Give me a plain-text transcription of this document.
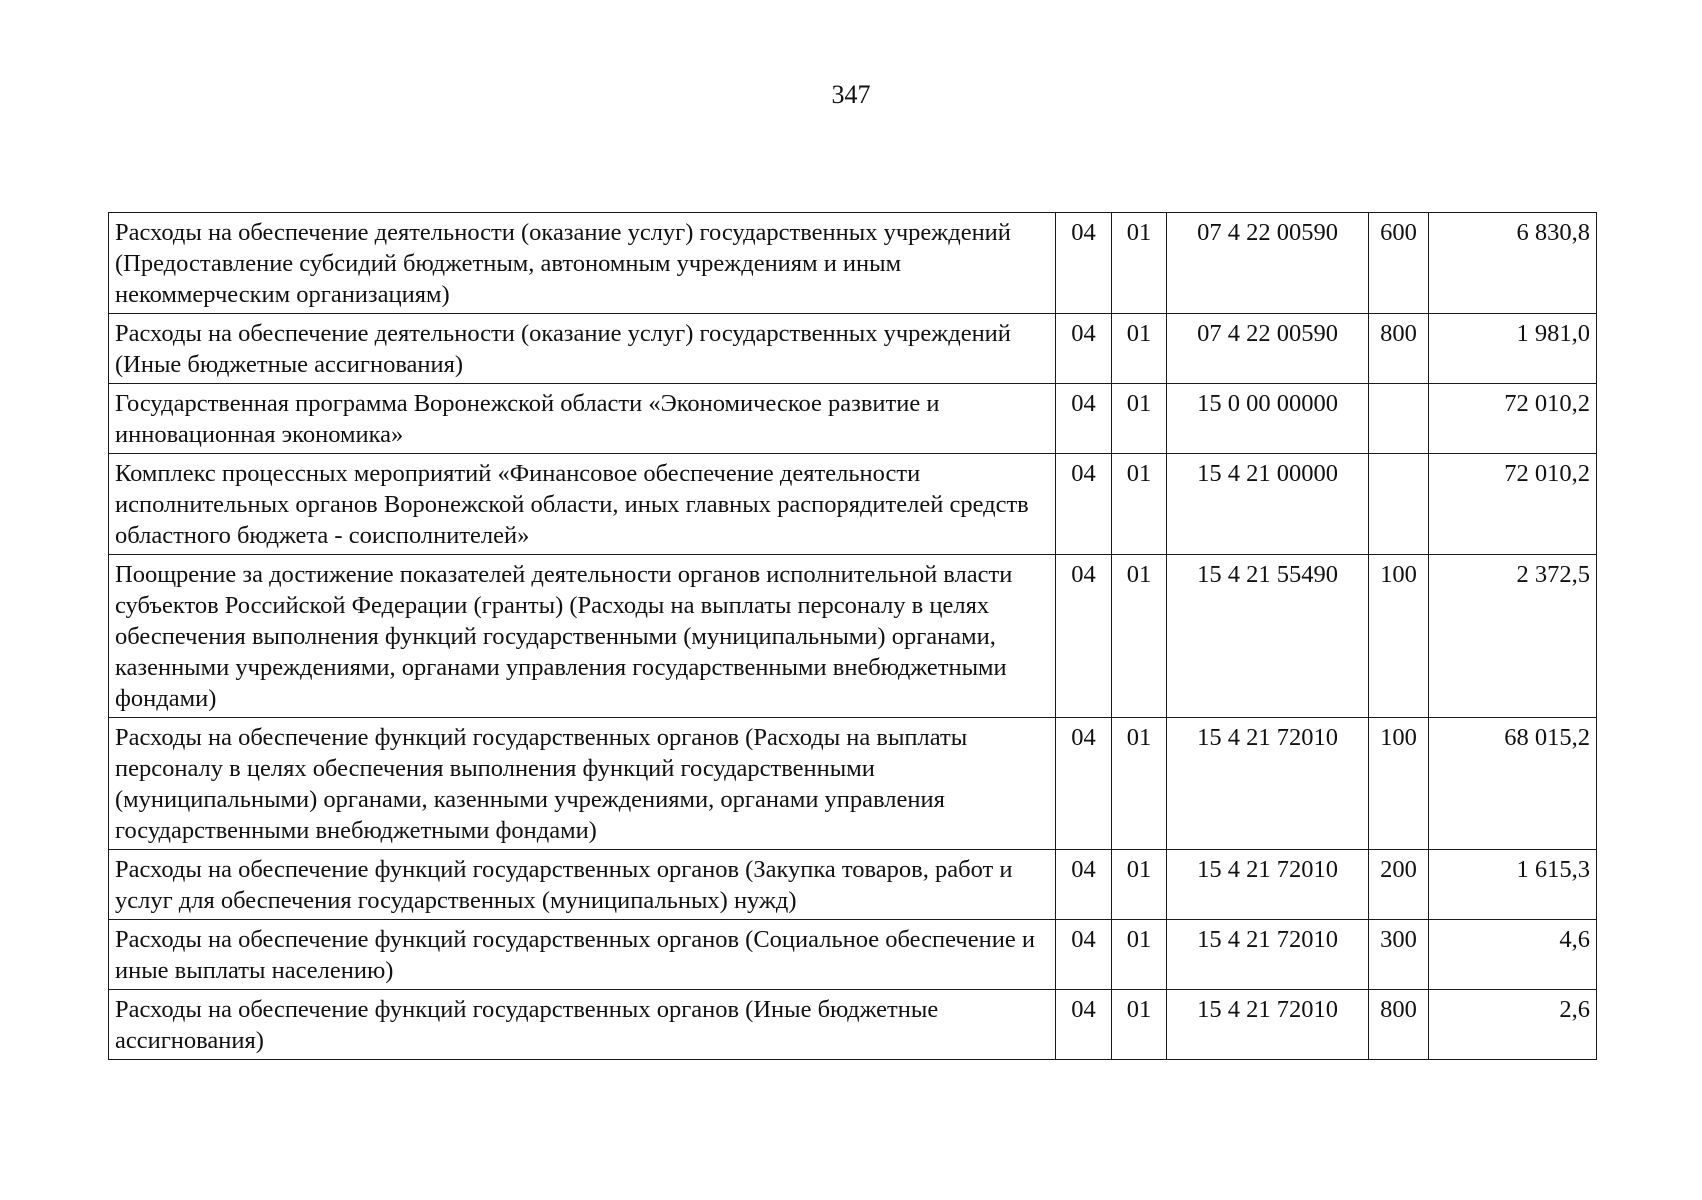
347
Расходы на обеспечение деятельности (оказание услуг) государственных учреждений (Предоставление субсидий бюджетным, автономным учреждениям и иным некоммерческим организациям)	04	01	07 4 22 00590	600	6 830,8
Расходы на обеспечение деятельности (оказание услуг) государственных учреждений (Иные бюджетные ассигнования)	04	01	07 4 22 00590	800	1 981,0
Государственная программа Воронежской области «Экономическое развитие и инновационная экономика»	04	01	15 0 00 00000		72 010,2
Комплекс процессных мероприятий «Финансовое обеспечение деятельности исполнительных органов Воронежской области, иных главных распорядителей средств областного бюджета - соисполнителей»	04	01	15 4 21 00000		72 010,2
Поощрение за достижение показателей деятельности органов исполнительной власти субъектов Российской Федерации (гранты) (Расходы на выплаты персоналу в целях обеспечения выполнения функций государственными (муниципальными) органами, казенными учреждениями, органами управления государственными внебюджетными фондами)	04	01	15 4 21 55490	100	2 372,5
Расходы на обеспечение функций государственных органов (Расходы на выплаты персоналу в целях обеспечения выполнения функций государственными (муниципальными) органами, казенными учреждениями, органами управления государственными внебюджетными фондами)	04	01	15 4 21 72010	100	68 015,2
Расходы на обеспечение функций государственных органов (Закупка товаров, работ и услуг для обеспечения государственных (муниципальных) нужд)	04	01	15 4 21 72010	200	1 615,3
Расходы на обеспечение функций государственных органов (Социальное обеспечение и иные выплаты населению)	04	01	15 4 21 72010	300	4,6
Расходы на обеспечение функций государственных органов (Иные бюджетные ассигнования)	04	01	15 4 21 72010	800	2,6
